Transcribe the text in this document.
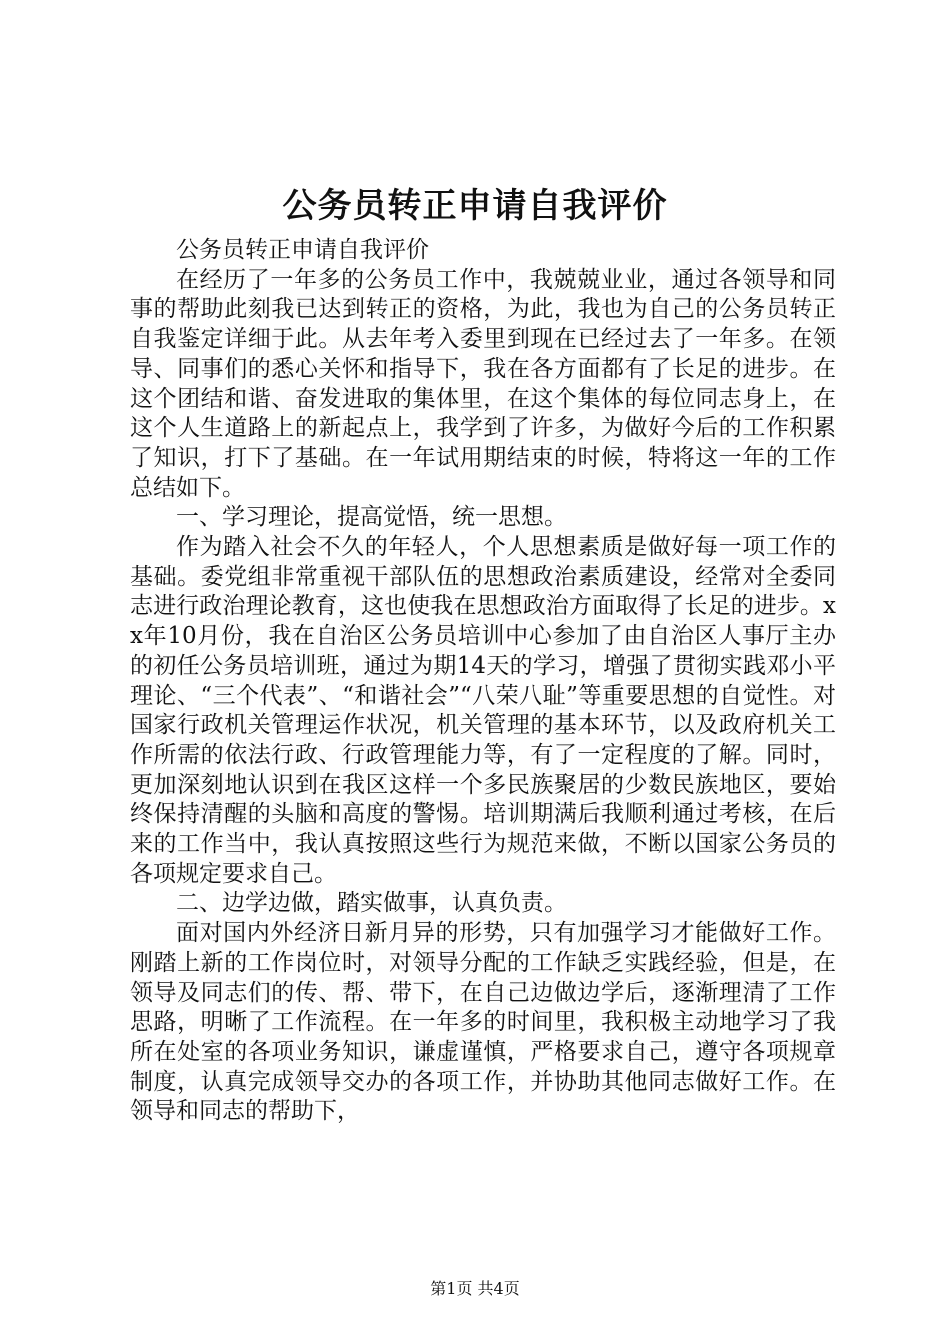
公务员转正申请自我评价

公务员转正申请自我评价

在经历了一年多的公务员工作中，我兢兢业业，通过各领导和同事的帮助此刻我已达到转正的资格，为此，我也为自己的公务员转正自我鉴定详细于此。从去年考入委里到现在已经过去了一年多。在领导、同事们的悉心关怀和指导下，我在各方面都有了长足的进步。在这个团结和谐、奋发进取的集体里，在这个集体的每位同志身上，在这个人生道路上的新起点上，我学到了许多，为做好今后的工作积累了知识，打下了基础。在一年试用期结束的时候，特将这一年的工作总结如下。

一、学习理论，提高觉悟，统一思想。

作为踏入社会不久的年轻人，个人思想素质是做好每一项工作的基础。委党组非常重视干部队伍的思想政治素质建设，经常对全委同志进行政治理论教育，这也使我在思想政治方面取得了长足的进步。xx年10月份，我在自治区公务员培训中心参加了由自治区人事厅主办的初任公务员培训班，通过为期14天的学习，增强了贯彻实践邓小平理论、“三个代表”、“和谐社会”“八荣八耻”等重要思想的自觉性。对国家行政机关管理运作状况，机关管理的基本环节，以及政府机关工作所需的依法行政、行政管理能力等，有了一定程度的了解。同时，更加深刻地认识到在我区这样一个多民族聚居的少数民族地区，要始终保持清醒的头脑和高度的警惕。培训期满后我顺利通过考核，在后来的工作当中，我认真按照这些行为规范来做，不断以国家公务员的各项规定要求自己。

二、边学边做，踏实做事，认真负责。

面对国内外经济日新月异的形势，只有加强学习才能做好工作。刚踏上新的工作岗位时，对领导分配的工作缺乏实践经验，但是，在领导及同志们的传、帮、带下，在自己边做边学后，逐渐理清了工作思路，明晰了工作流程。在一年多的时间里，我积极主动地学习了我所在处室的各项业务知识，谦虚谨慎，严格要求自己，遵守各项规章制度，认真完成领导交办的各项工作，并协助其他同志做好工作。在领导和同志的帮助下，

第1页 共4页
